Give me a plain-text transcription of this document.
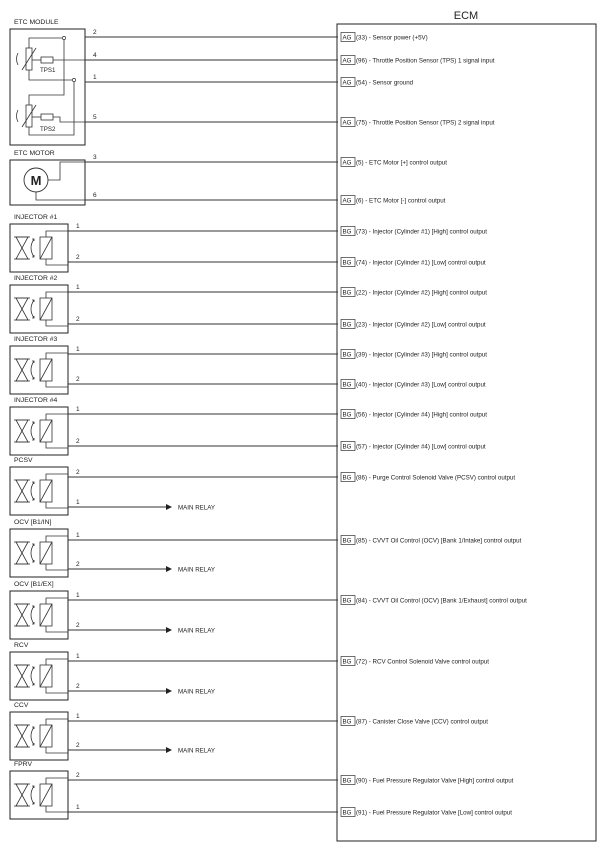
ECM
ETC MODULE
TPS1
TPS2
ETC MOTOR
M
2
AG (33) - Sensor power (+5V)
4
AG (96) - Throttle Position Sensor (TPS) 1 signal input
1
AG (54) - Sensor ground
5
AG (75) - Throttle Position Sensor (TPS) 2 signal input
3
AG (5) - ETC Motor [+] control output
6
AG (6) - ETC Motor [-] control output
1
BG (73) - Injector (Cylinder #1) [High] control output
2
BG (74) - Injector (Cylinder #1) [Low] control output
1
BG (22) - Injector (Cylinder #2) [High] control output
2
BG (23) - Injector (Cylinder #2) [Low] control output
1
BG (39) - Injector (Cylinder #3) [High] control output
2
BG (40) - Injector (Cylinder #3) [Low] control output
1
BG (56) - Injector (Cylinder #4) [High] control output
2
BG (57) - Injector (Cylinder #4) [Low] control output
2
BG (86) - Purge Control Solenoid Valve (PCSV) control output
1
BG (85) - CVVT Oil Control (OCV) [Bank 1/Intake] control output
1
BG (84) - CVVT Oil Control (OCV) [Bank 1/Exhaust] control output
1
BG (72) - RCV Control Solenoid Valve control output
1
BG (87) - Canister Close Valve (CCV) control output
2
BG (90) - Fuel Pressure Regulator Valve [High] control output
1
BG (91) - Fuel Pressure Regulator Valve [Low] control output
INJECTOR #1
INJECTOR #2
INJECTOR #3
INJECTOR #4
PCSV
OCV [B1/IN]
OCV [B1/EX]
RCV
CCV
FPRV
MAIN RELAY
1
MAIN RELAY
2
MAIN RELAY
2
MAIN RELAY
2
MAIN RELAY
2
